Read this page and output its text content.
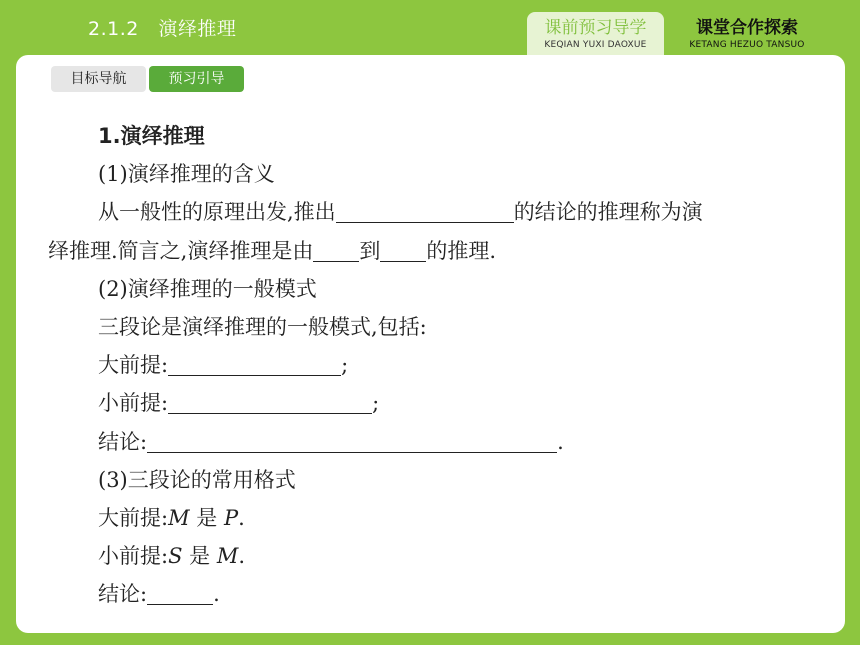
2.1.2　演绎推理	课前预习导学
KEQIAN YUXI DAOXUE
课堂合作探索
KETANG HEZUO TANSUO
目标导航	预习引导
1.演绎推理
(1)演绎推理的含义
从一般性的原理出发,推出	的结论的推理称为演
绎推理.简言之,演绎推理是由 到 的推理.
(2)演绎推理的一般模式
三段论是演绎推理的一般模式,包括:
大前提:	;
小前提:	;
结论:	.
(3)三段论的常用格式
大前提:M 是 P.
小前提:S 是 M.
结论:	.
